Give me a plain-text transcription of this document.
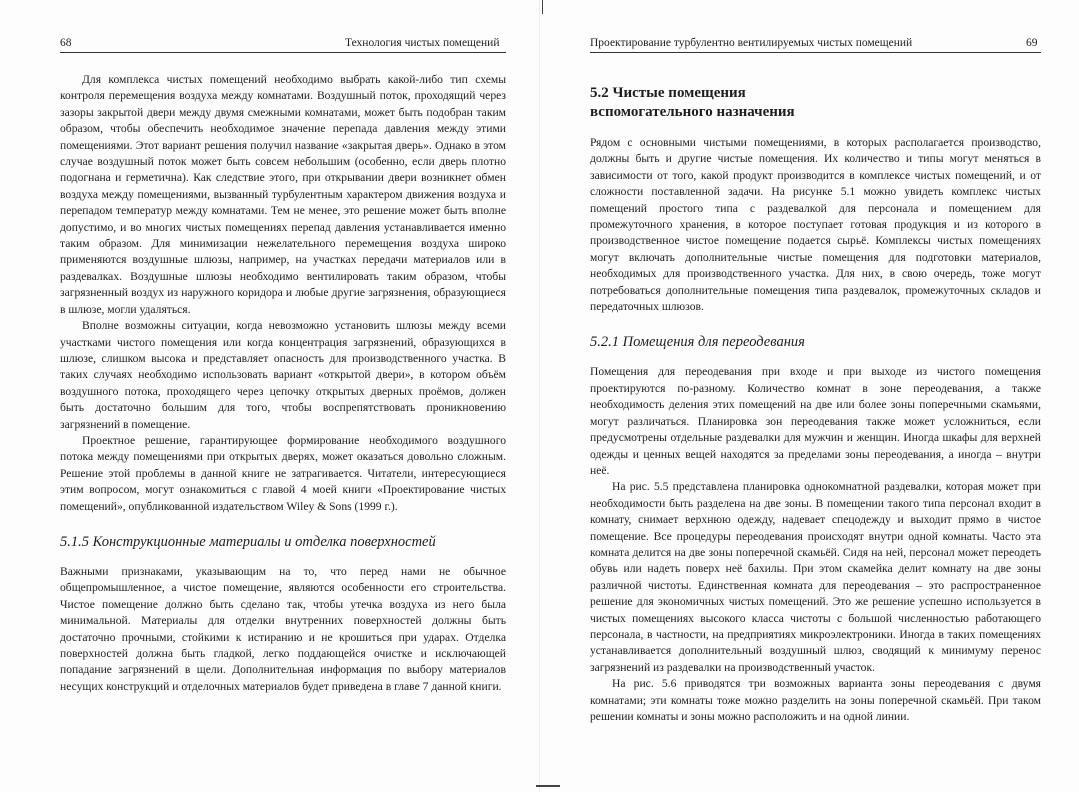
68	Технология чистых помещений

Для комплекса чистых помещений необходимо выбрать какой-либо тип схемы контроля перемещения воздуха между комнатами. Воздушный поток, проходящий через зазоры закрытой двери между двумя смежными комнатами, может быть подобран таким образом, чтобы обеспечить необходимое значение перепада давления между этими помещениями. Этот вариант решения получил название «закрытая дверь». Однако в этом случае воздушный поток может быть совсем небольшим (особенно, если дверь плотно подогнана и герметична). Как следствие этого, при открывании двери возникнет обмен воздуха между помещениями, вызванный турбулентным характером движения воздуха и перепадом температур между комнатами. Тем не менее, это решение может быть вполне допустимо, и во многих чистых помещениях перепад давления устанавливается именно таким образом. Для минимизации нежелательного перемещения воздуха широко применяются воздушные шлюзы, например, на участках передачи материалов или в раздевалках. Воздушные шлюзы необходимо вентилировать таким образом, чтобы загрязненный воздух из наружного коридора и любые другие загрязнения, образующиеся в шлюзе, могли удаляться.

Вполне возможны ситуации, когда невозможно установить шлюзы между всеми участками чистого помещения или когда концентрация загрязнений, образующихся в шлюзе, слишком высока и представляет опасность для производственного участка. В таких случаях необходимо использовать вариант «открытой двери», в котором объём воздушного потока, проходящего через цепочку открытых дверных проёмов, должен быть достаточно большим для того, чтобы воспрепятствовать проникновению загрязнений в помещение.

Проектное решение, гарантирующее формирование необходимого воздушного потока между помещениями при открытых дверях, может оказаться довольно сложным. Решение этой проблемы в данной книге не затрагивается. Читатели, интересующиеся этим вопросом, могут ознакомиться с главой 4 моей книги «Проектирование чистых помещений», опубликованной издательством Wiley & Sons (1999 г.).

5.1.5 Конструкционные материалы и отделка поверхностей

Важными признаками, указывающим на то, что перед нами не обычное общепромышленное, а чистое помещение, являются особенности его строительства. Чистое помещение должно быть сделано так, чтобы утечка воздуха из него была минимальной. Материалы для отделки внутренних поверхностей должны быть достаточно прочными, стойкими к истиранию и не крошиться при ударах. Отделка поверхностей должна быть гладкой, легко поддающейся очистке и исключающей попадание загрязнений в щели. Дополнительная информация по выбору материалов несущих конструкций и отделочных материалов будет приведена в главе 7 данной книги.

Проектирование турбулентно вентилируемых чистых помещений	69
5.2 Чистые помещения
вспомогательного назначения

Рядом с основными чистыми помещениями, в которых располагается производство, должны быть и другие чистые помещения. Их количество и типы могут меняться в зависимости от того, какой продукт производится в комплексе чистых помещений, и от сложности поставленной задачи. На рисунке 5.1 можно увидеть комплекс чистых помещений простого типа с раздевалкой для персонала и помещением для промежуточного хранения, в которое поступает готовая продукция и из которого в производственное чистое помещение подается сырьё. Комплексы чистых помещениях могут включать дополнительные чистые помещения для подготовки материалов, необходимых для производственного участка. Для них, в свою очередь, тоже могут потребоваться дополнительные помещения типа раздевалок, промежуточных складов и передаточных шлюзов.

5.2.1 Помещения для переодевания

Помещения для переодевания при входе и при выходе из чистого помещения проектируются по-разному. Количество комнат в зоне переодевания, а также необходимость деления этих помещений на две или более зоны поперечными скамьями, могут различаться. Планировка зон переодевания также может усложниться, если предусмотрены отдельные раздевалки для мужчин и женщин. Иногда шкафы для верхней одежды и ценных вещей находятся за пределами зоны переодевания, а иногда – внутри неё.

На рис. 5.5 представлена планировка однокомнатной раздевалки, которая может при необходимости быть разделена на две зоны. В помещении такого типа персонал входит в комнату, снимает верхнюю одежду, надевает спецодежду и выходит прямо в чистое помещение. Все процедуры переодевания происходят внутри одной комнаты. Часто эта комната делится на две зоны поперечной скамьёй. Сидя на ней, персонал может переодеть обувь или надеть поверх неё бахилы. При этом скамейка делит комнату на две зоны различной чистоты. Единственная комната для переодевания – это распространенное решение для экономичных чистых помещений. Это же решение успешно используется в чистых помещениях высокого класса чистоты с большой численностью работающего персонала, в частности, на предприятиях микроэлектроники. Иногда в таких помещениях устанавливается дополнительный воздушный шлюз, сводящий к минимуму перенос загрязнений из раздевалки на производственный участок.

На рис. 5.6 приводятся три возможных варианта зоны переодевания с двумя комнатами; эти комнаты тоже можно разделить на зоны поперечной скамьёй. При таком решении комнаты и зоны можно расположить и на одной линии.
